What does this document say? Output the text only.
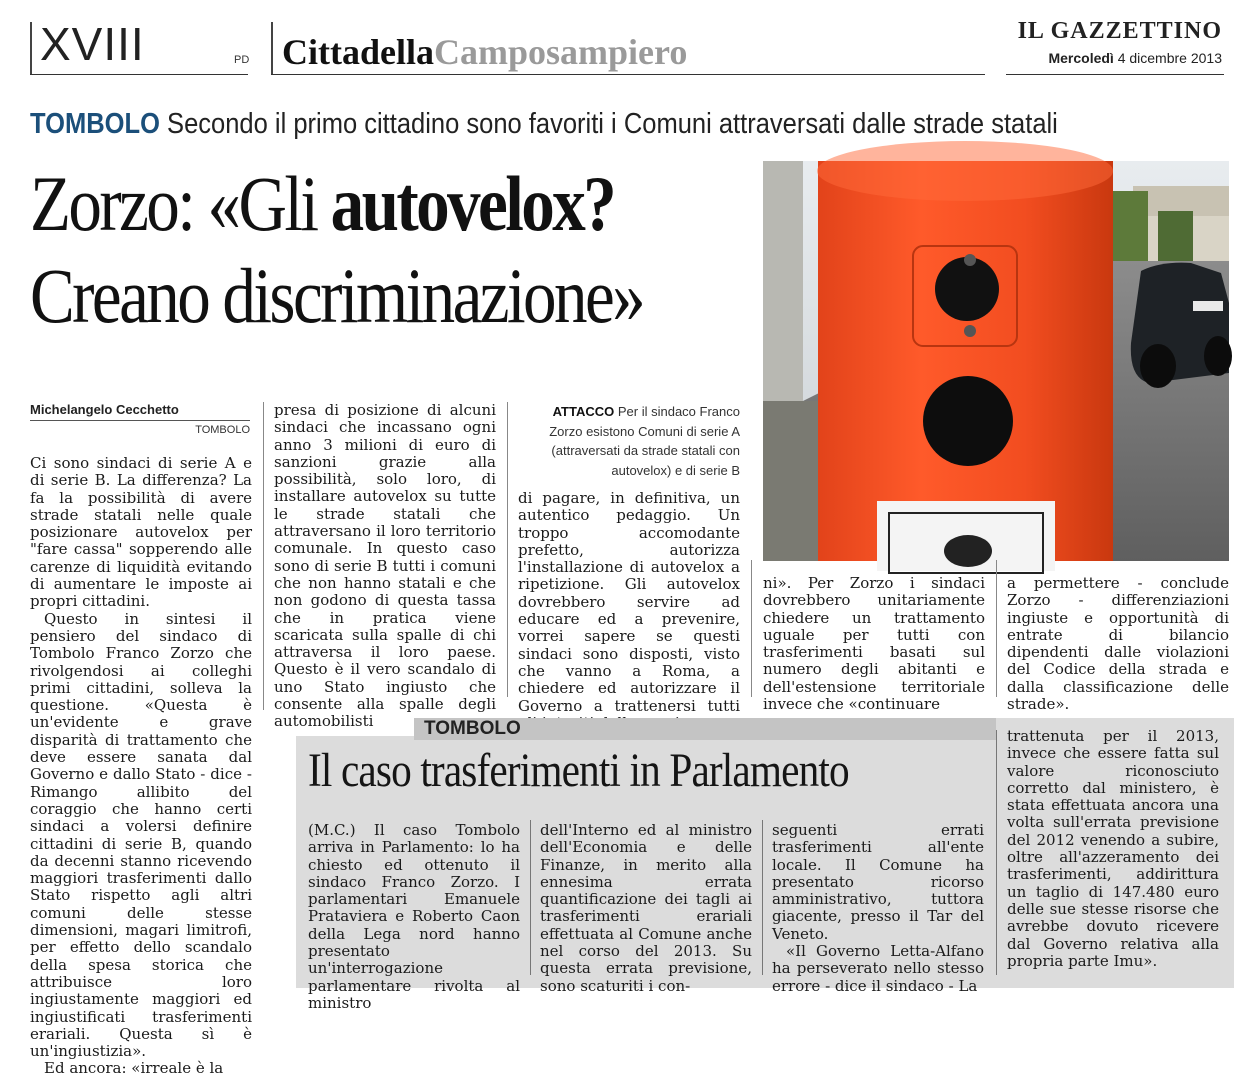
XVIII	PD CittadellaCamposampiero
IL GAZZETTINO
Mercoledì 4 dicembre 2013
TOMBOLO Secondo il primo cittadino sono favoriti i Comuni attraversati dalle strade statali
Zorzo: «Gli autovelox?
Creano discriminazione»
Michelangelo Cecchetto
TOMBOLO

Ci sono sindaci di serie A e di serie B. La differenza? La fa la possibilità di avere strade statali nelle quale posizionare autovelox per "fare cassa" sopperendo alle carenze di liquidità evitando di aumentare le imposte ai propri cittadini.

Questo in sintesi il pensiero del sindaco di Tombolo Franco Zorzo che rivolgendosi ai colleghi primi cittadini, solleva la questione. «Questa è un'evidente e grave disparità di trattamento che deve essere sanata dal Governo e dallo Stato - dice - Rimango allibito del coraggio che hanno certi sindaci a volersi definire cittadini di serie B, quando da decenni stanno ricevendo maggiori trasferimenti dallo Stato rispetto agli altri comuni delle stesse dimensioni, magari limitrofi, per effetto dello scandalo della spesa storica che attribuisce loro ingiustamente maggiori ed ingiustificati trasferimenti erariali. Questa sì è un'ingiustizia».

Ed ancora: «irreale è la

presa di posizione di alcuni sindaci che incassano ogni anno 3 milioni di euro di sanzioni grazie alla possibilità, solo loro, di installare autovelox su tutte le strade statali che attraversano il loro territorio comunale. In questo caso sono di serie B tutti i comuni che non hanno statali e che non godono di questa tassa che in pratica viene scaricata sulla spalle di chi attraversa il loro paese. Questo è il vero scandalo di uno Stato ingiusto che consente alla spalle degli automobilisti

ATTACCO Per il sindaco Franco Zorzo esistono Comuni di serie A (attraversati da strade statali con autovelox) e di serie B

di pagare, in definitiva, un autentico pedaggio. Un troppo accomodante prefetto, autorizza l'installazione di autovelox a ripetizione. Gli autovelox dovrebbero servire ad educare ed a prevenire, vorrei sapere se questi sindaci sono disposti, visto che vanno a Roma, a chiedere ed autorizzare il Governo a trattenersi tutti

ni». Per Zorzo i sindaci dovrebbero unitariamente chiedere un trattamento uguale per tutti con trasferimenti basati sul numero degli abitanti e dell'estensione territoriale invece che «continuare

a permettere - conclude Zorzo - differenziazioni ingiuste e opportunità di entrate di bilancio dipendenti dalle violazioni del Codice della strada e dalla classificazione delle strade».

TOMBOLO
Il caso trasferimenti in Parlamento

(M.C.) Il caso Tombolo arriva in Parlamento: lo ha chiesto ed ottenuto il sindaco Franco Zorzo. I parlamentari Emanuele Prataviera e Roberto Caon della Lega nord hanno presentato un'interrogazione parlamentare rivolta al ministro

dell'Interno ed al ministro dell'Economia e delle Finanze, in merito alla ennesima errata quantificazione dei tagli ai trasferimenti erariali effettuata al Comune anche nel corso del 2013. Su questa errata previsione, sono scaturiti i con-

seguenti errati trasferimenti all'ente locale. Il Comune ha presentato ricorso amministrativo, tuttora giacente, presso il Tar del Veneto.

«Il Governo Letta-Alfano ha perseverato nello stesso errore - dice il sindaco - La

trattenuta per il 2013, invece che essere fatta sul valore riconosciuto corretto dal ministero, è stata effettuata ancora una volta sull'errata previsione del 2012 venendo a subire, oltre all'azzeramento dei trasferimenti, addirittura un taglio di 147.480 euro delle sue stesse risorse che avrebbe dovuto ricevere dal Governo relativa alla propria parte Imu».
